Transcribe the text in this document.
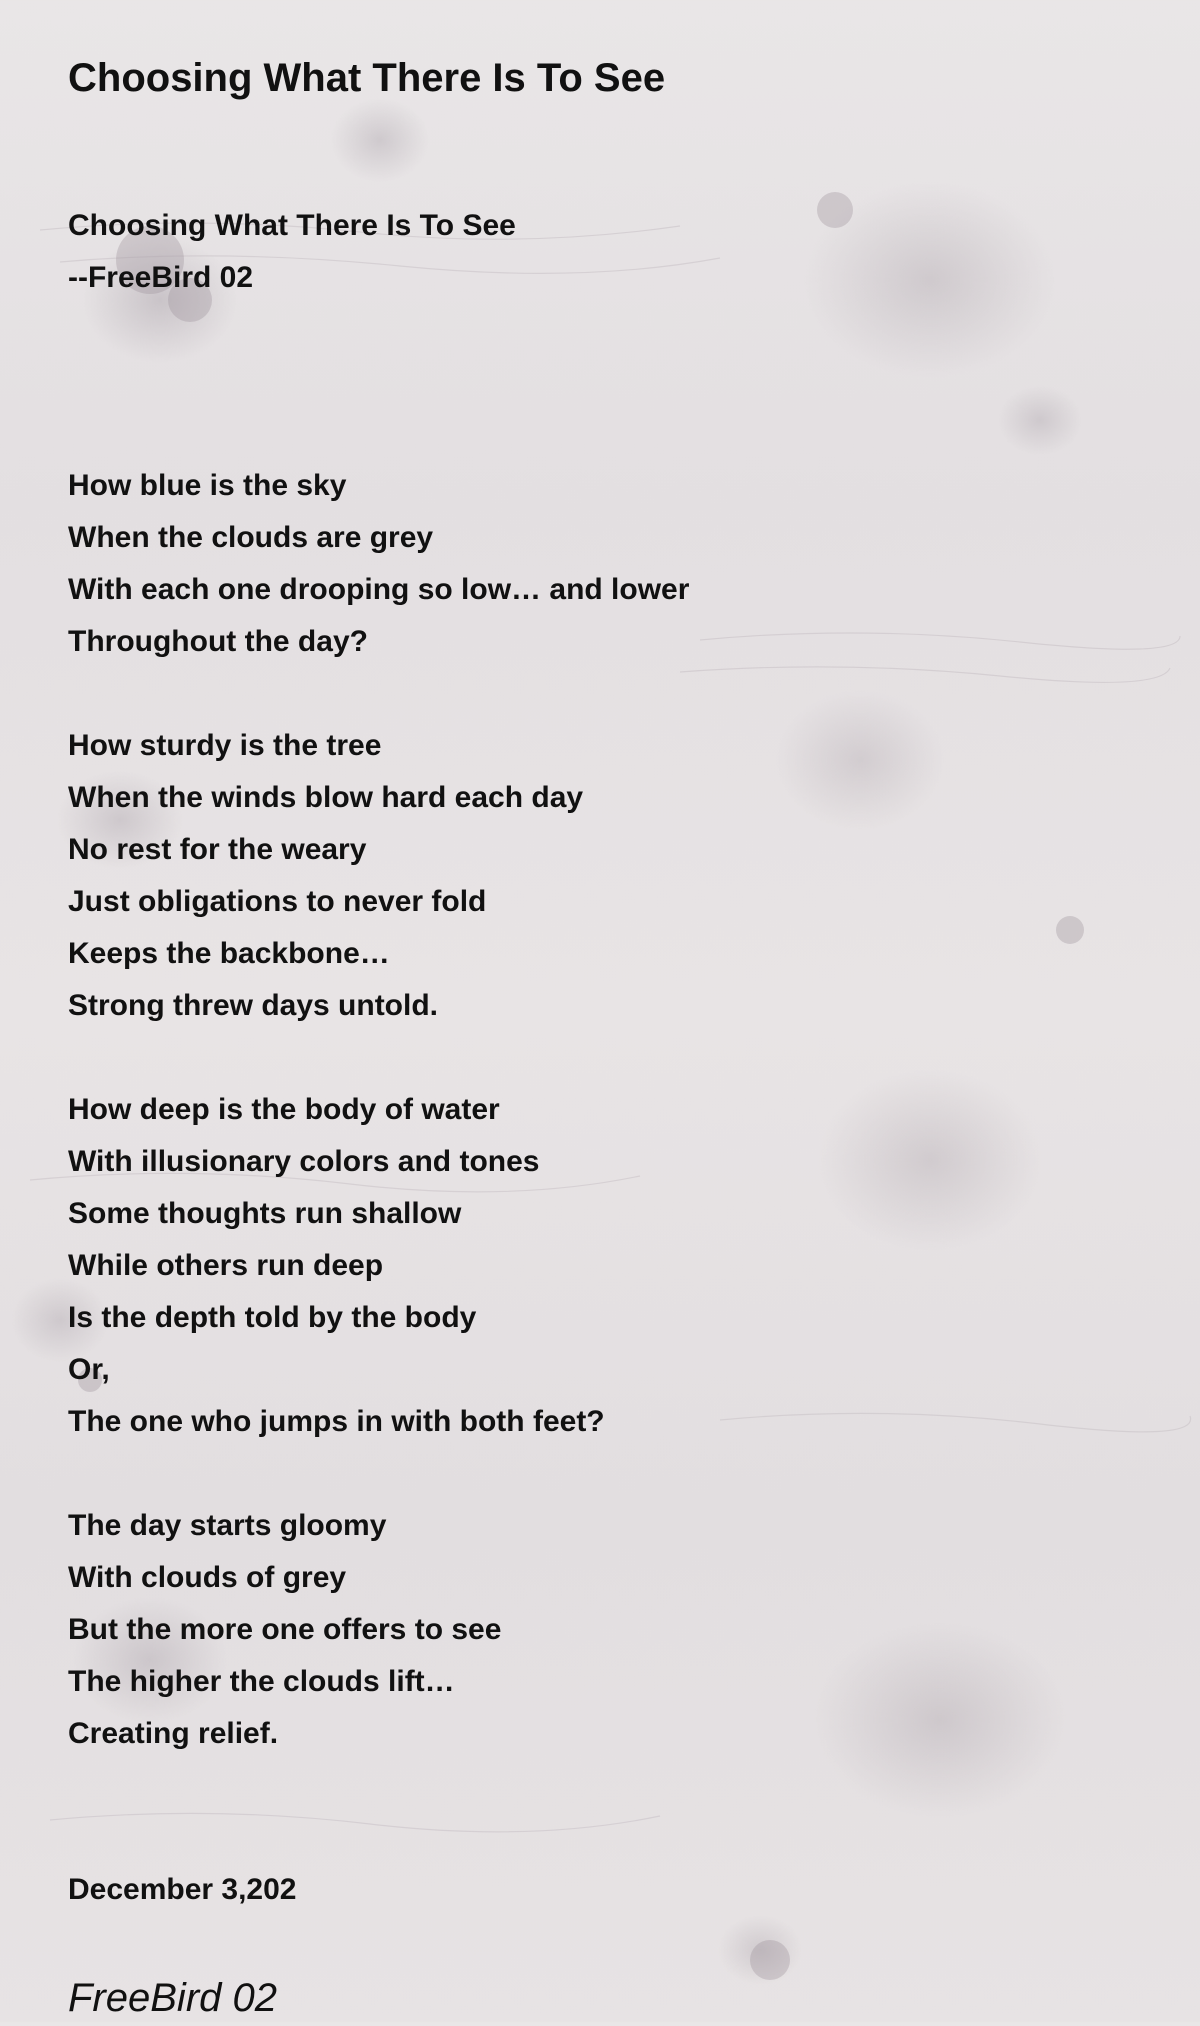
Choosing What There Is To See
Choosing What There Is To See
--FreeBird 02
How blue is the sky
When the clouds are grey
With each one drooping so low… and lower
Throughout the day?
How sturdy is the tree
When the winds blow hard each day
No rest for the weary
Just obligations to never fold
Keeps the backbone…
Strong threw days untold.
How deep is the body of water
With illusionary colors and tones
Some thoughts run shallow
While others run deep
Is the depth told by the body
Or,
The one who jumps in with both feet?
The day starts gloomy
With clouds of grey
But the more one offers to see
The higher the clouds lift…
Creating relief.
December 3,202
FreeBird 02
